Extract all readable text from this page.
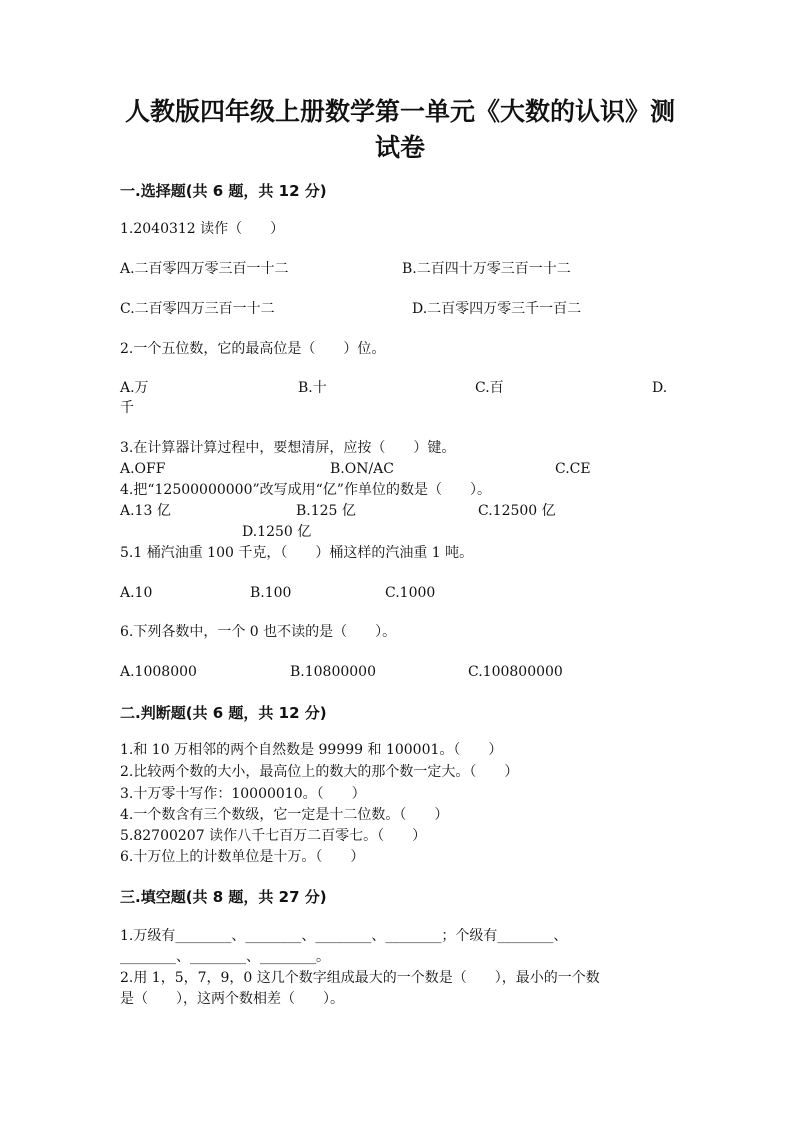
人教版四年级上册数学第一单元《大数的认识》测
试卷
一.选择题(共 6 题，共 12 分)
1.2040312 读作（　　）
A.二百零四万零三百一十二	B.二百四十万零三百一十二
C.二百零四万三百一十二	D.二百零四万零三千一百二
2.一个五位数，它的最高位是（　　）位。
A.万	B.十	C.百	D.
千
3.在计算器计算过程中，要想清屏，应按（　　）键。
A.OFF	B.ON/AC	C.CE
4.把“12500000000”改写成用“亿”作单位的数是（　　）。
A.13 亿	B.125 亿	C.12500 亿
D.1250 亿
5.1 桶汽油重 100 千克，（　　）桶这样的汽油重 1 吨。
A.10	B.100	C.1000
6.下列各数中，一个 0 也不读的是（　　）。
A.1008000	B.10800000	C.100800000
二.判断题(共 6 题，共 12 分)
1.和 10 万相邻的两个自然数是 99999 和 100001。（　　）
2.比较两个数的大小，最高位上的数大的那个数一定大。（　　）
3.十万零十写作：10000010。（　　）
4.一个数含有三个数级，它一定是十二位数。（　　）
5.82700207 读作八千七百万二百零七。（　　）
6.十万位上的计数单位是十万。（　　）
三.填空题(共 8 题，共 27 分)
1.万级有________、________、________、________；个级有________、
________、________、________。
2.用 1，5，7，9，0 这几个数字组成最大的一个数是（　　），最小的一个数
是（　　），这两个数相差（　　）。
